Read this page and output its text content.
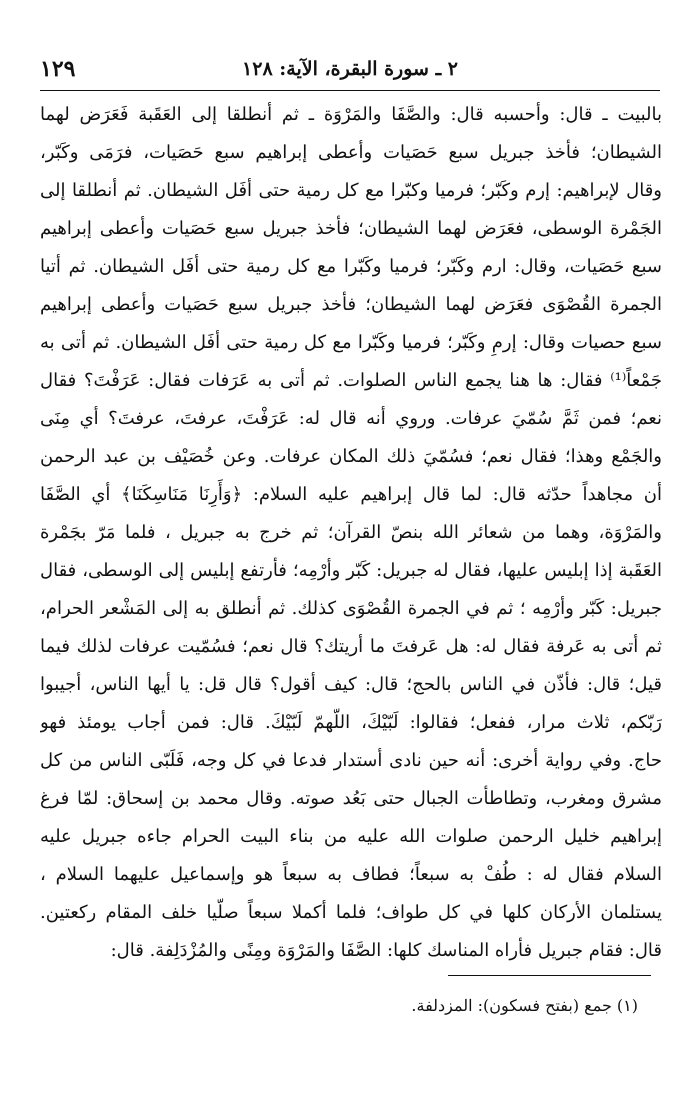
١٢٩	٢ ـ سورة البقرة، الآية: ١٢٨
بالبيت ـ قال: وأحسبه قال: والصَّفَا والمَرْوَة ـ ثم أنطلقا إلى العَقَبة فَعَرَض لهما
الشيطان؛ فأخذ جبريل سبع حَصَيات وأعطى إبراهيم سبع حَصَيات، فرَمَى وكَبّر،
وقال لإبراهيم: إرم وكَبّر؛ فرميا وكبّرا مع كل رمية حتى أفَل الشيطان. ثم أنطلقا إلى
الجَمْرة الوسطى، فعَرَض لهما الشيطان؛ فأخذ جبريل سبع حَصَيات وأعطى إبراهيم
سبع حَصَيات، وقال: ارم وكَبّر؛ فرميا وكَبّرا مع كل رمية حتى أفَل الشيطان. ثم أتيا
الجمرة القُصْوَى فعَرَض لهما الشيطان؛ فأخذ جبريل سبع حَصَيات وأعطى إبراهيم
سبع حصيات وقال: إرمِ وكَبّر؛ فرميا وكَبّرا مع كل رمية حتى أفَل الشيطان. ثم أتى به
جَمْعاً⁽¹⁾ فقال: ها هنا يجمع الناس الصلوات. ثم أتى به عَرَفات فقال: عَرَفْتَ؟ فقال
نعم؛ فمن ثَمَّ سُمّيَ عرفات. وروي أنه قال له: عَرَفْتَ، عرفتَ، عرفتَ؟ أي مِنَى
والجَمْع وهذا؛ فقال نعم؛ فسُمّيَ ذلك المكان عرفات. وعن خُصَيْف بن عبد الرحمن
أن مجاهداً حدّثه قال: لما قال إبراهيم عليه السلام: ﴿وَأَرِنَا مَنَاسِكَنَا﴾ أي الصَّفَا
والمَرْوَة، وهما من شعائر الله بنصّ القرآن؛ ثم خرج به جبريل ، فلما مَرّ بجَمْرة
العَقَبة إذا إبليس عليها، فقال له جبريل: كَبّر وأرْمِه؛ فأرتفع إبليس إلى الوسطى، فقال
جبريل: كَبّر وأرْمِه ؛ ثم في الجمرة القُصْوَى كذلك. ثم أنطلق به إلى المَشْعر الحرام،
ثم أتى به عَرفة فقال له: هل عَرفتَ ما أريتك؟ قال نعم؛ فسُمّيت عرفات لذلك فيما
قيل؛ قال: فأذّن في الناس بالحج؛ قال: كيف أقول؟ قال قل: يا أيها الناس، أجيبوا
رَبّكم، ثلاث مرار، ففعل؛ فقالوا: لَبّيْكَ، اللّهمّ لَبّيْكَ. قال: فمن أجاب يومئذ فهو
حاج. وفي رواية أخرى: أنه حين نادى أستدار فدعا في كل وجه، فَلَبّى الناس من كل
مشرق ومغرب، وتطاطأت الجبال حتى بَعُد صوته. وقال محمد بن إسحاق: لمّا فرغ
إبراهيم خليل الرحمن صلوات الله عليه من بناء البيت الحرام جاءه جبريل عليه
السلام فقال له : طُفْ به سبعاً؛ فطاف به سبعاً هو وإسماعيل عليهما السلام ،
يستلمان الأركان كلها في كل طواف؛ فلما أكملا سبعاً صلّيا خلف المقام ركعتين.
قال: فقام جبريل فأراه المناسك كلها: الصَّفَا والمَرْوَة ومِنًى والمُزْدَلِفة. قال:
(١) جمع (بفتح فسكون): المزدلفة.
